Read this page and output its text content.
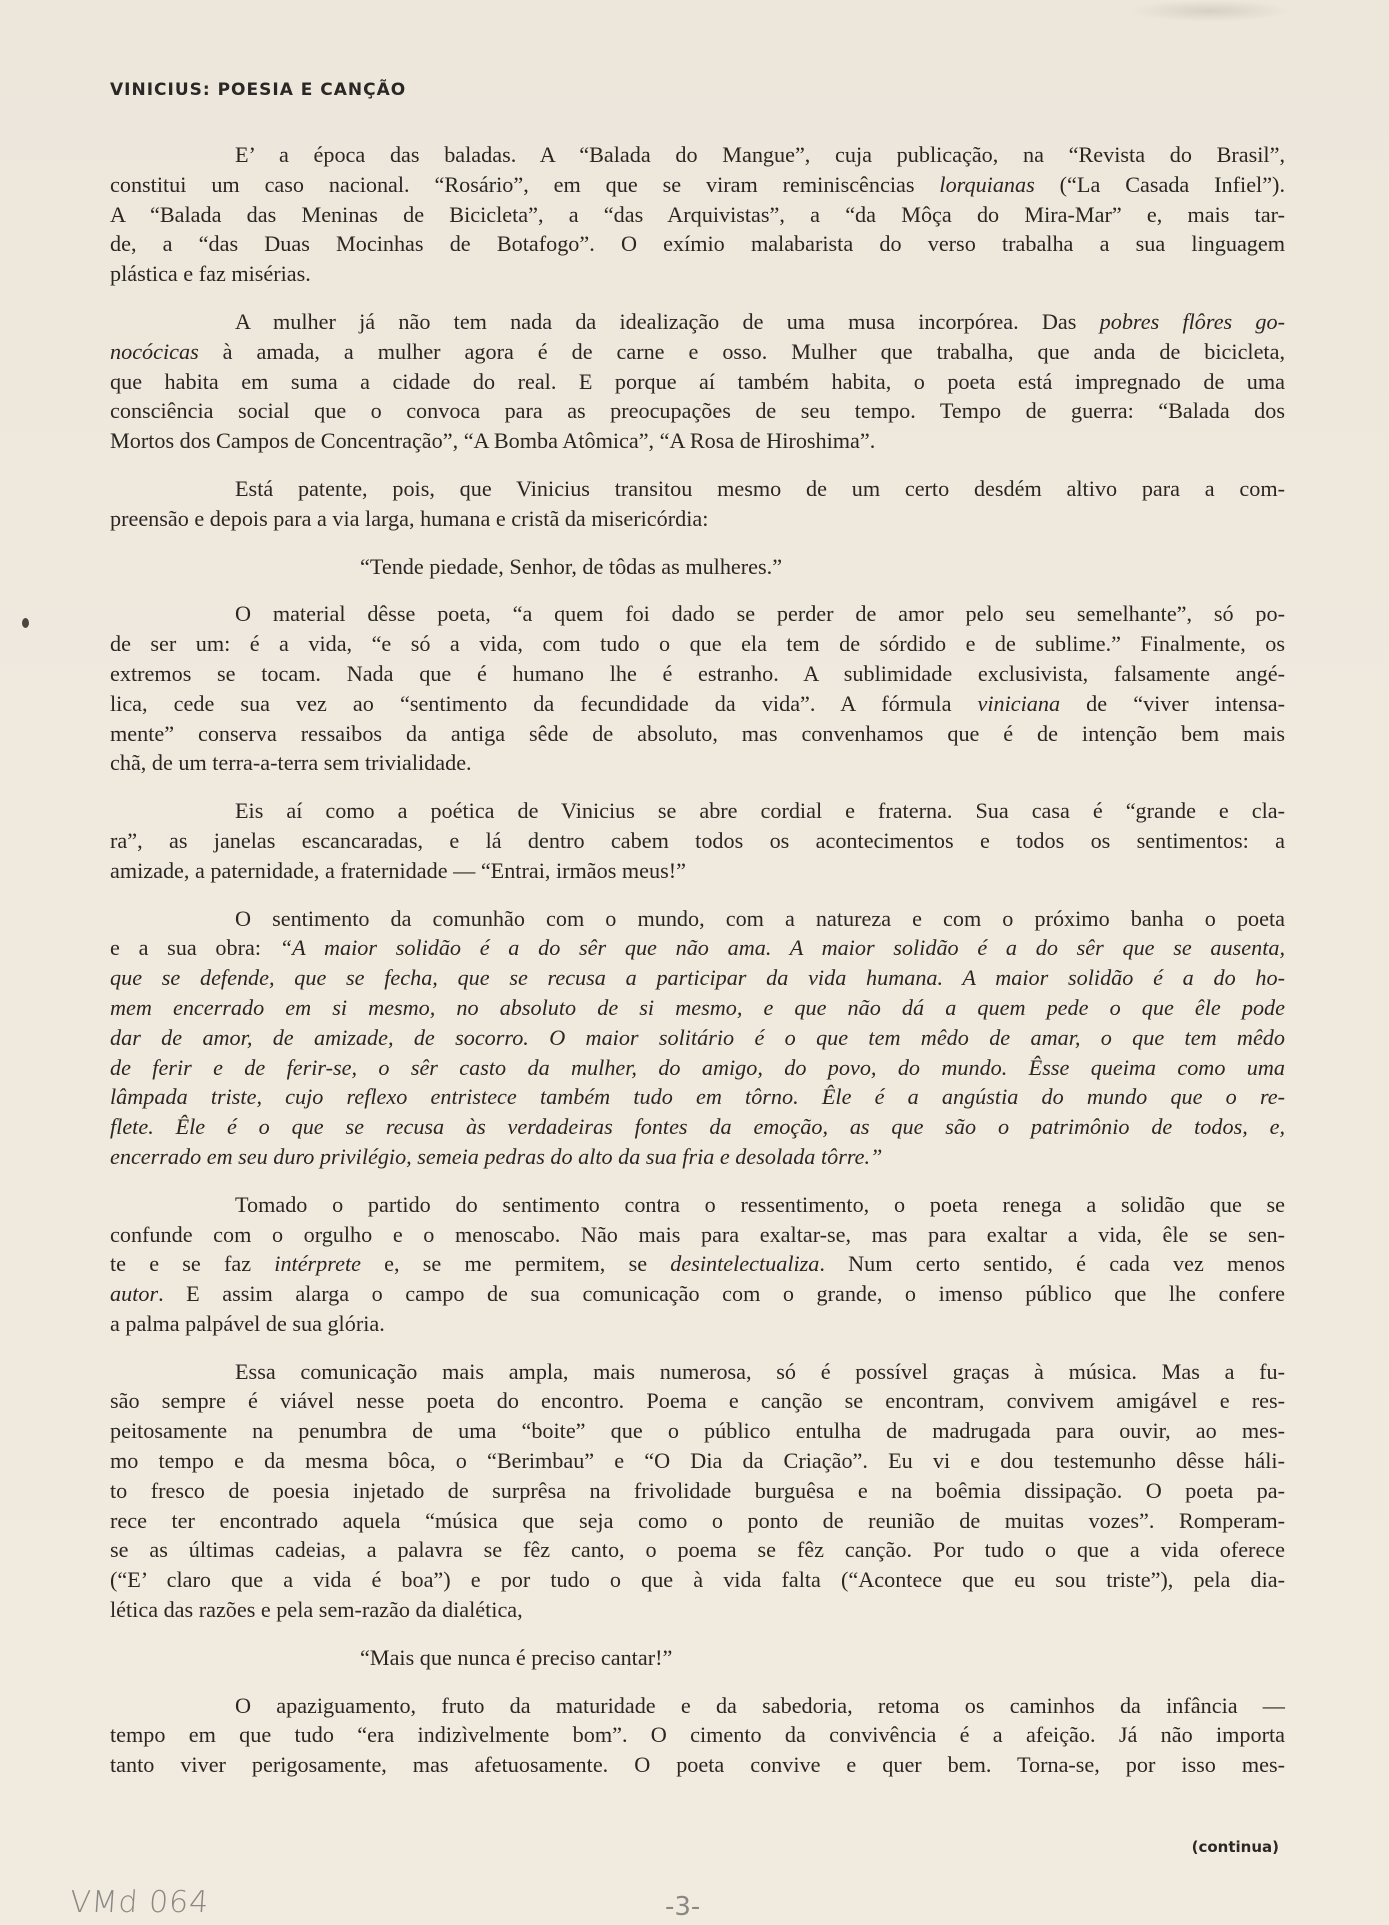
VINICIUS: POESIA E CANÇÃO
E’ a época das baladas. A “Balada do Mangue”, cuja publicação, na “Revista do Brasil”,
constitui um caso nacional. “Rosário”, em que se viram reminiscências lorquianas (“La Casada Infiel”).
A “Balada das Meninas de Bicicleta”, a “das Arquivistas”, a “da Môça do Mira-Mar” e, mais tar-
de, a “das Duas Mocinhas de Botafogo”. O exímio malabarista do verso trabalha a sua linguagem
plástica e faz misérias.
A mulher já não tem nada da idealização de uma musa incorpórea. Das pobres flôres go-
nocócicas à amada, a mulher agora é de carne e osso. Mulher que trabalha, que anda de bicicleta,
que habita em suma a cidade do real. E porque aí também habita, o poeta está impregnado de uma
consciência social que o convoca para as preocupações de seu tempo. Tempo de guerra: “Balada dos
Mortos dos Campos de Concentração”, “A Bomba Atômica”, “A Rosa de Hiroshima”.
Está patente, pois, que Vinicius transitou mesmo de um certo desdém altivo para a com-
preensão e depois para a via larga, humana e cristã da misericórdia:
“Tende piedade, Senhor, de tôdas as mulheres.”
O material dêsse poeta, “a quem foi dado se perder de amor pelo seu semelhante”, só po-
de ser um: é a vida, “e só a vida, com tudo o que ela tem de sórdido e de sublime.” Finalmente, os
extremos se tocam. Nada que é humano lhe é estranho. A sublimidade exclusivista, falsamente angé-
lica, cede sua vez ao “sentimento da fecundidade da vida”. A fórmula viniciana de “viver intensa-
mente” conserva ressaibos da antiga sêde de absoluto, mas convenhamos que é de intenção bem mais
chã, de um terra-a-terra sem trivialidade.
Eis aí como a poética de Vinicius se abre cordial e fraterna. Sua casa é “grande e cla-
ra”, as janelas escancaradas, e lá dentro cabem todos os acontecimentos e todos os sentimentos: a
amizade, a paternidade, a fraternidade — “Entrai, irmãos meus!”
O sentimento da comunhão com o mundo, com a natureza e com o próximo banha o poeta
e a sua obra: “A maior solidão é a do sêr que não ama. A maior solidão é a do sêr que se ausenta,
que se defende, que se fecha, que se recusa a participar da vida humana. A maior solidão é a do ho-
mem encerrado em si mesmo, no absoluto de si mesmo, e que não dá a quem pede o que êle pode
dar de amor, de amizade, de socorro. O maior solitário é o que tem mêdo de amar, o que tem mêdo
de ferir e de ferir-se, o sêr casto da mulher, do amigo, do povo, do mundo. Êsse queima como uma
lâmpada triste, cujo reflexo entristece também tudo em tôrno. Êle é a angústia do mundo que o re-
flete. Êle é o que se recusa às verdadeiras fontes da emoção, as que são o patrimônio de todos, e,
encerrado em seu duro privilégio, semeia pedras do alto da sua fria e desolada tôrre.”
Tomado o partido do sentimento contra o ressentimento, o poeta renega a solidão que se
confunde com o orgulho e o menoscabo. Não mais para exaltar-se, mas para exaltar a vida, êle se sen-
te e se faz intérprete e, se me permitem, se desintelectualiza. Num certo sentido, é cada vez menos
autor. E assim alarga o campo de sua comunicação com o grande, o imenso público que lhe confere
a palma palpável de sua glória.
Essa comunicação mais ampla, mais numerosa, só é possível graças à música. Mas a fu-
são sempre é viável nesse poeta do encontro. Poema e canção se encontram, convivem amigável e res-
peitosamente na penumbra de uma “boite” que o público entulha de madrugada para ouvir, ao mes-
mo tempo e da mesma bôca, o “Berimbau” e “O Dia da Criação”. Eu vi e dou testemunho dêsse háli-
to fresco de poesia injetado de surprêsa na frivolidade burguêsa e na boêmia dissipação. O poeta pa-
rece ter encontrado aquela “música que seja como o ponto de reunião de muitas vozes”. Romperam-
se as últimas cadeias, a palavra se fêz canto, o poema se fêz canção. Por tudo o que a vida oferece
(“E’ claro que a vida é boa”) e por tudo o que à vida falta (“Acontece que eu sou triste”), pela dia-
lética das razões e pela sem-razão da dialética,
“Mais que nunca é preciso cantar!”
O apaziguamento, fruto da maturidade e da sabedoria, retoma os caminhos da infância —
tempo em que tudo “era indizìvelmente bom”. O cimento da convivência é a afeição. Já não importa
tanto viver perigosamente, mas afetuosamente. O poeta convive e quer bem. Torna-se, por isso mes-
(continua)
VMd 064	-3-
